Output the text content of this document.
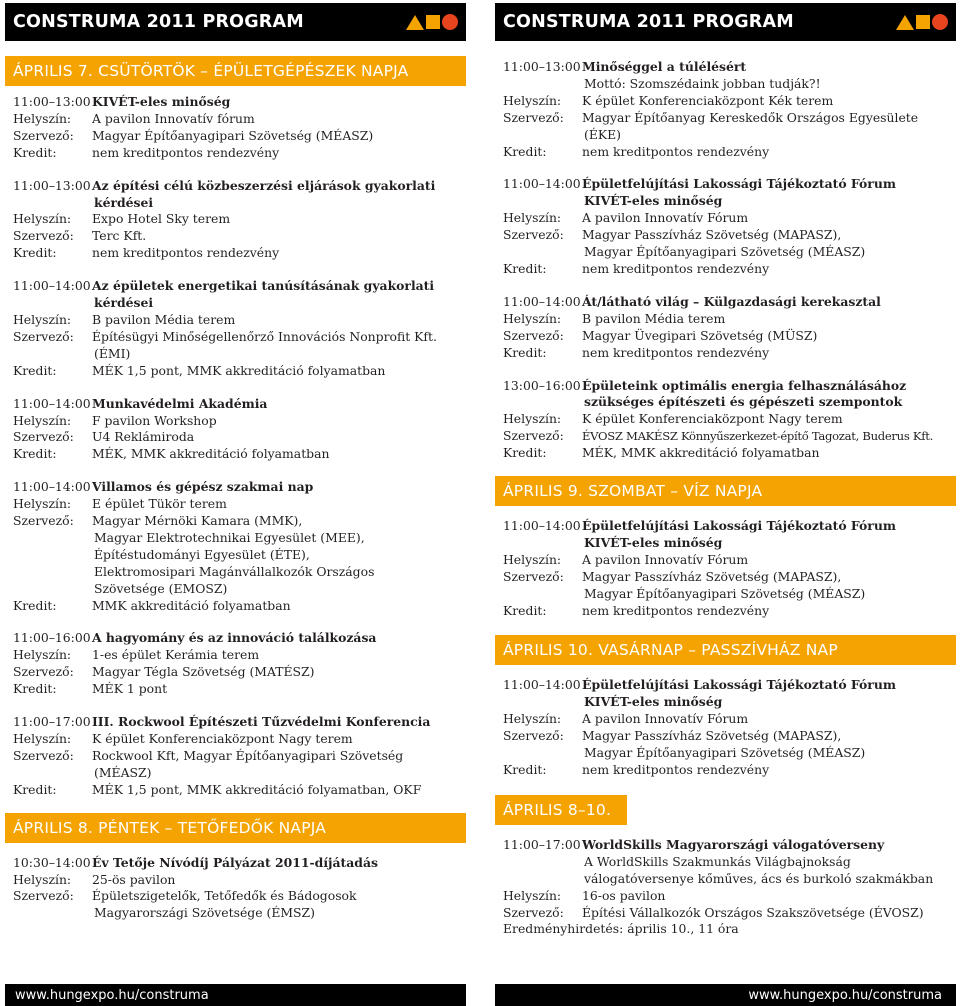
CONSTRUMA 2011 PROGRAM
ÁPRILIS 7. CSÜTÖRTÖK – ÉPÜLETGÉPÉSZEK NAPJA
11:00–13:00 KIVÉT-eles minőség
Helyszín:	A pavilon Innovatív fórum
Szervező:	Magyar Építőanyagipari Szövetség (MÉASZ)
Kredit:	nem kreditpontos rendezvény
11:00–13:00 Az építési célú közbeszerzési eljárások gyakorlati
kérdései
Helyszín:	Expo Hotel Sky terem
Szervező:	Terc Kft.
Kredit:	nem kreditpontos rendezvény
11:00–14:00 Az épületek energetikai tanúsításának gyakorlati
kérdései
Helyszín:	B pavilon Média terem
Szervező:	Építésügyi Minőségellenőrző Innovációs Nonprofit Kft.
(ÉMI)
Kredit:	MÉK 1,5 pont, MMK akkreditáció folyamatban
11:00–14:00 Munkavédelmi Akadémia
Helyszín:	F pavilon Workshop
Szervező:	U4 Reklámiroda
Kredit:	MÉK, MMK akkreditáció folyamatban
11:00–14:00 Villamos és gépész szakmai nap
Helyszín:	E épület Tükör terem
Szervező:	Magyar Mérnöki Kamara (MMK),
Magyar Elektrotechnikai Egyesület (MEE),
Építéstudományi Egyesület (ÉTE),
Elektromosipari Magánvállalkozók Országos
Szövetsége (EMOSZ)
Kredit:	MMK akkreditáció folyamatban
11:00–16:00 A hagyomány és az innováció találkozása
Helyszín:	1-es épület Kerámia terem
Szervező:	Magyar Tégla Szövetség (MATÉSZ)
Kredit:	MÉK 1 pont
11:00–17:00 III. Rockwool Építészeti Tűzvédelmi Konferencia
Helyszín:	K épület Konferenciaközpont Nagy terem
Szervező:	Rockwool Kft, Magyar Építőanyagipari Szövetség
(MÉASZ)
Kredit:	MÉK 1,5 pont, MMK akkreditáció folyamatban, OKF
ÁPRILIS 8. PÉNTEK – TETŐFEDŐK NAPJA
10:30–14:00 Év Tetője Nívódíj Pályázat 2011-díjátadás
Helyszín:	25-ös pavilon
Szervező:	Épületszigetelők, Tetőfedők és Bádogosok
Magyarországi Szövetsége (ÉMSZ)
www.hungexpo.hu/construma
CONSTRUMA 2011 PROGRAM
11:00–13:00 Minőséggel a túlélésért
Mottó: Szomszédaink jobban tudják?!
Helyszín:	K épület Konferenciaközpont Kék terem
Szervező:	Magyar Építőanyag Kereskedők Országos Egyesülete
(ÉKE)
Kredit:	nem kreditpontos rendezvény
11:00–14:00 Épületfelújítási Lakossági Tájékoztató Fórum
KIVÉT-eles minőség
Helyszín:	A pavilon Innovatív Fórum
Szervező:	Magyar Passzívház Szövetség (MAPASZ),
Magyar Építőanyagipari Szövetség (MÉASZ)
Kredit:	nem kreditpontos rendezvény
11:00–14:00 Át/látható világ – Külgazdasági kerekasztal
Helyszín:	B pavilon Média terem
Szervező:	Magyar Üvegipari Szövetség (MÜSZ)
Kredit:	nem kreditpontos rendezvény
13:00–16:00 Épületeink optimális energia felhasználásához
szükséges építészeti és gépészeti szempontok
Helyszín:	K épület Konferenciaközpont Nagy terem
Szervező:	ÉVOSZ MAKÉSZ Könnyűszerkezet-építő Tagozat, Buderus Kft.
Kredit:	MÉK, MMK akkreditáció folyamatban
ÁPRILIS 9. SZOMBAT – VÍZ NAPJA
11:00–14:00 Épületfelújítási Lakossági Tájékoztató Fórum
KIVÉT-eles minőség
Helyszín:	A pavilon Innovatív Fórum
Szervező:	Magyar Passzívház Szövetség (MAPASZ),
Magyar Építőanyagipari Szövetség (MÉASZ)
Kredit:	nem kreditpontos rendezvény
ÁPRILIS 10. VASÁRNAP – PASSZÍVHÁZ NAP
11:00–14:00 Épületfelújítási Lakossági Tájékoztató Fórum
KIVÉT-eles minőség
Helyszín:	A pavilon Innovatív Fórum
Szervező:	Magyar Passzívház Szövetség (MAPASZ),
Magyar Építőanyagipari Szövetség (MÉASZ)
Kredit:	nem kreditpontos rendezvény
ÁPRILIS 8–10.
11:00–17:00 WorldSkills Magyarországi válogatóverseny
A WorldSkills Szakmunkás Világbajnokság
válogatóversenye kőműves, ács és burkoló szakmákban
Helyszín:	16-os pavilon
Szervező:	Építési Vállalkozók Országos Szakszövetsége (ÉVOSZ)
Eredményhirdetés: április 10., 11 óra
www.hungexpo.hu/construma
